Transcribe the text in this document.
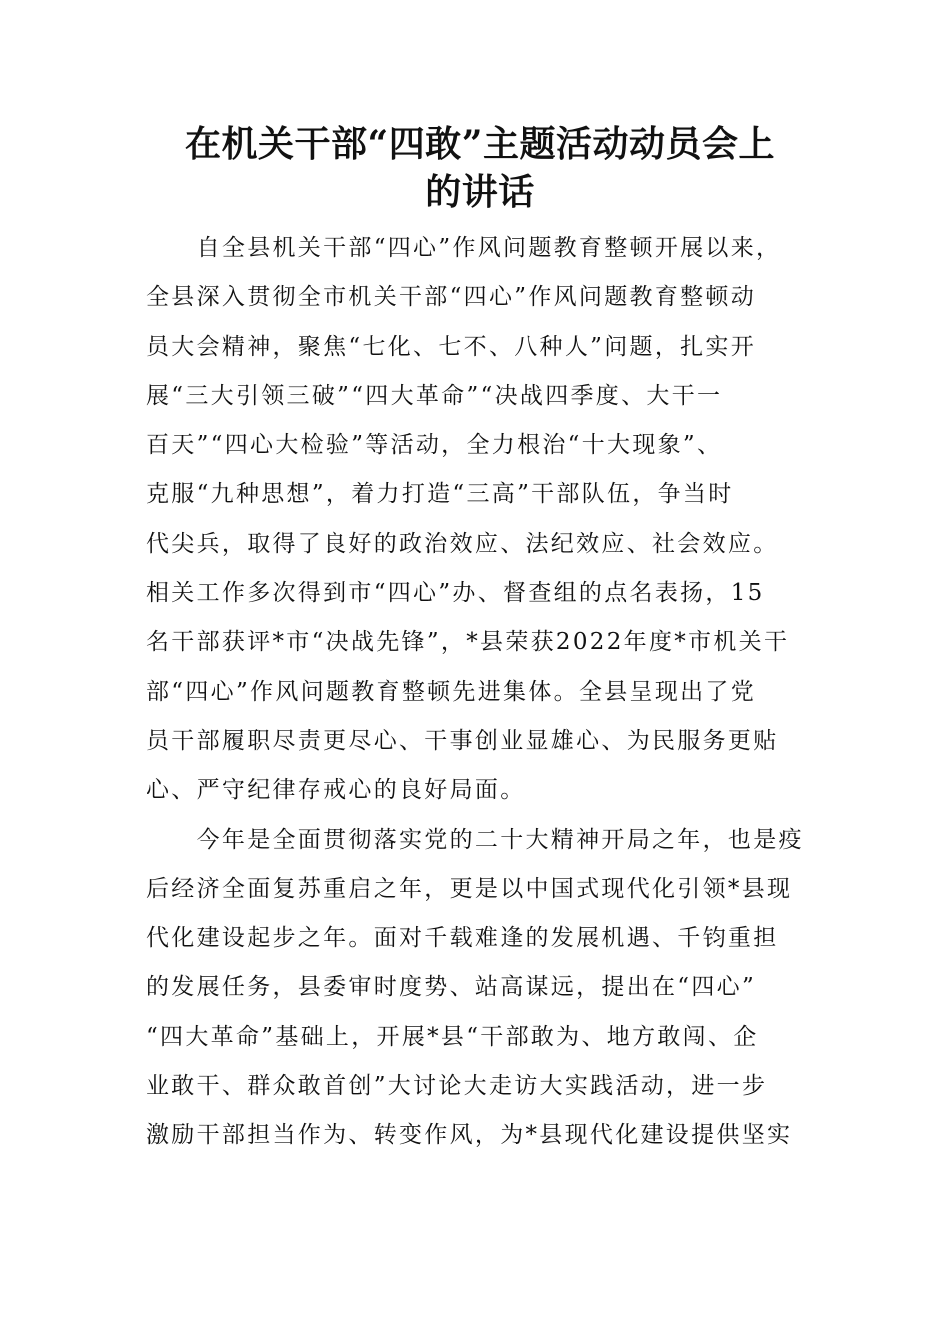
在机关干部“四敢”主题活动动员会上
的讲话

　　自全县机关干部“四心”作风问题教育整顿开展以来，
全县深入贯彻全市机关干部“四心”作风问题教育整顿动
员大会精神，聚焦“七化、七不、八种人”问题，扎实开
展“三大引领三破”“四大革命”“决战四季度、大干一
百天”“四心大检验”等活动，全力根治“十大现象”、
克服“九种思想”，着力打造“三高”干部队伍，争当时
代尖兵，取得了良好的政治效应、法纪效应、社会效应。
相关工作多次得到市“四心”办、督查组的点名表扬，15
名干部获评*市“决战先锋”，*县荣获2022年度*市机关干
部“四心”作风问题教育整顿先进集体。全县呈现出了党
员干部履职尽责更尽心、干事创业显雄心、为民服务更贴
心、严守纪律存戒心的良好局面。

　　今年是全面贯彻落实党的二十大精神开局之年，也是疫
后经济全面复苏重启之年，更是以中国式现代化引领*县现
代化建设起步之年。面对千载难逢的发展机遇、千钧重担
的发展任务，县委审时度势、站高谋远，提出在“四心”
“四大革命”基础上，开展*县“干部敢为、地方敢闯、企
业敢干、群众敢首创”大讨论大走访大实践活动，进一步
激励干部担当作为、转变作风，为*县现代化建设提供坚实
